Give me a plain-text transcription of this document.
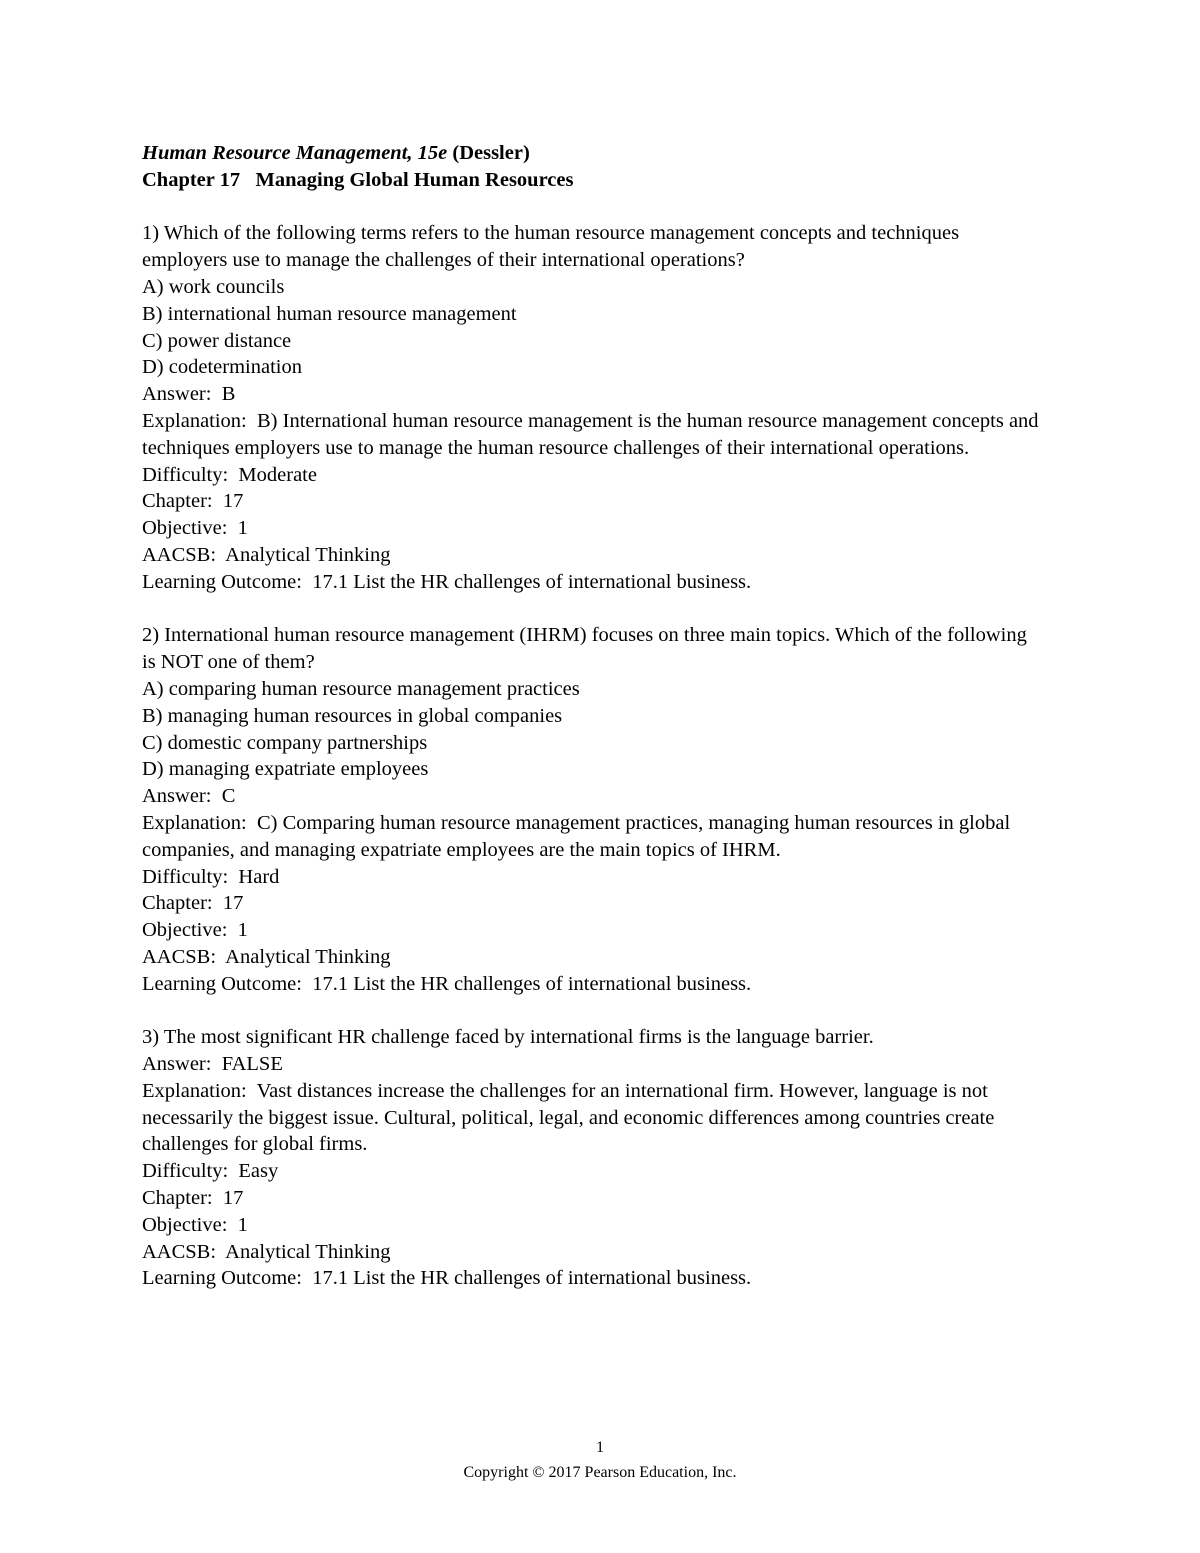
Human Resource Management, 15e (Dessler)

Chapter 17   Managing Global Human Resources

1) Which of the following terms refers to the human resource management concepts and techniques employers use to manage the challenges of their international operations?

A) work councils

B) international human resource management

C) power distance

D) codetermination

Answer:  B

Explanation:  B) International human resource management is the human resource management concepts and techniques employers use to manage the human resource challenges of their international operations.

Difficulty:  Moderate

Chapter:  17

Objective:  1

AACSB:  Analytical Thinking

Learning Outcome:  17.1 List the HR challenges of international business.

2) International human resource management (IHRM) focuses on three main topics. Which of the following is NOT one of them?

A) comparing human resource management practices

B) managing human resources in global companies

C) domestic company partnerships

D) managing expatriate employees

Answer:  C

Explanation:  C) Comparing human resource management practices, managing human resources in global companies, and managing expatriate employees are the main topics of IHRM.

Difficulty:  Hard

Chapter:  17

Objective:  1

AACSB:  Analytical Thinking

Learning Outcome:  17.1 List the HR challenges of international business.

3) The most significant HR challenge faced by international firms is the language barrier.

Answer:  FALSE

Explanation:  Vast distances increase the challenges for an international firm. However, language is not necessarily the biggest issue. Cultural, political, legal, and economic differences among countries create challenges for global firms.

Difficulty:  Easy

Chapter:  17

Objective:  1

AACSB:  Analytical Thinking

Learning Outcome:  17.1 List the HR challenges of international business.

1
Copyright © 2017 Pearson Education, Inc.
